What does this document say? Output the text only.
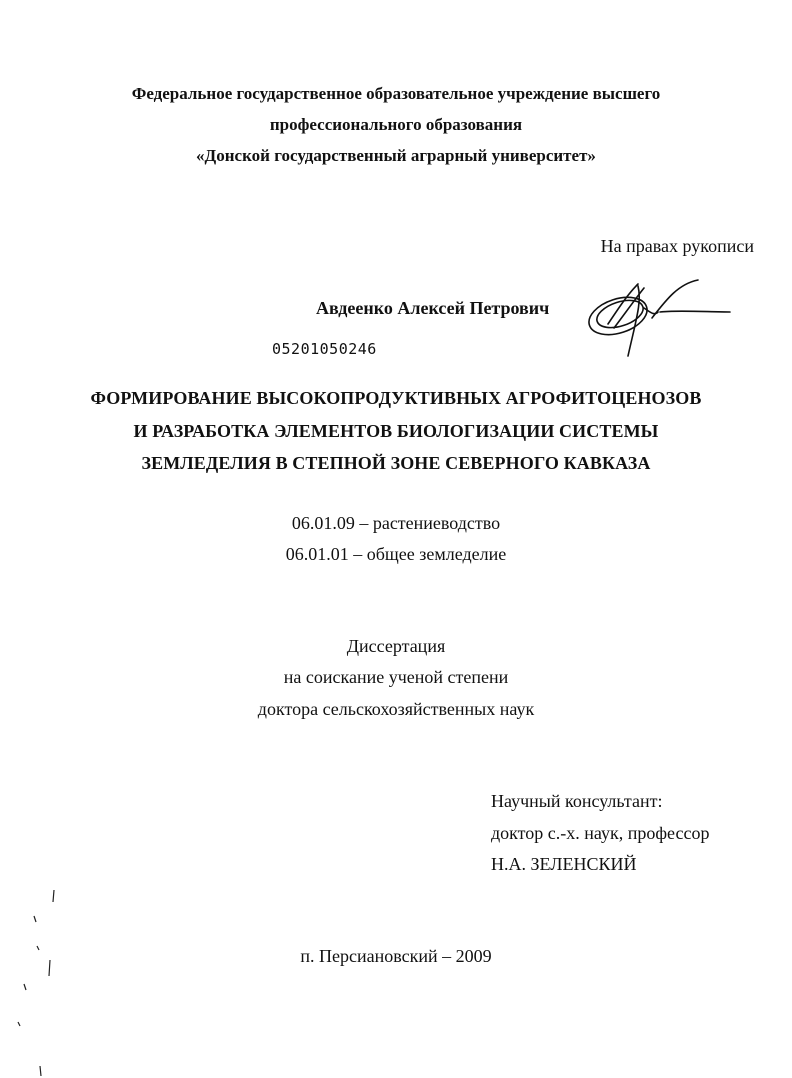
Федеральное государственное образовательное учреждение высшего
профессионального образования
«Донской государственный аграрный университет»
На правах рукописи
Авдеенко Алексей Петрович
05201050246
ФОРМИРОВАНИЕ ВЫСОКОПРОДУКТИВНЫХ АГРОФИТОЦЕНОЗОВ
И РАЗРАБОТКА ЭЛЕМЕНТОВ БИОЛОГИЗАЦИИ СИСТЕМЫ
ЗЕМЛЕДЕЛИЯ В СТЕПНОЙ ЗОНЕ СЕВЕРНОГО КАВКАЗА
06.01.09 – растениеводство
06.01.01 – общее земледелие
Диссертация
на соискание ученой степени
доктора сельскохозяйственных наук
Научный консультант:
доктор с.-х. наук, профессор
Н.А. ЗЕЛЕНСКИЙ
п. Персиановский – 2009
